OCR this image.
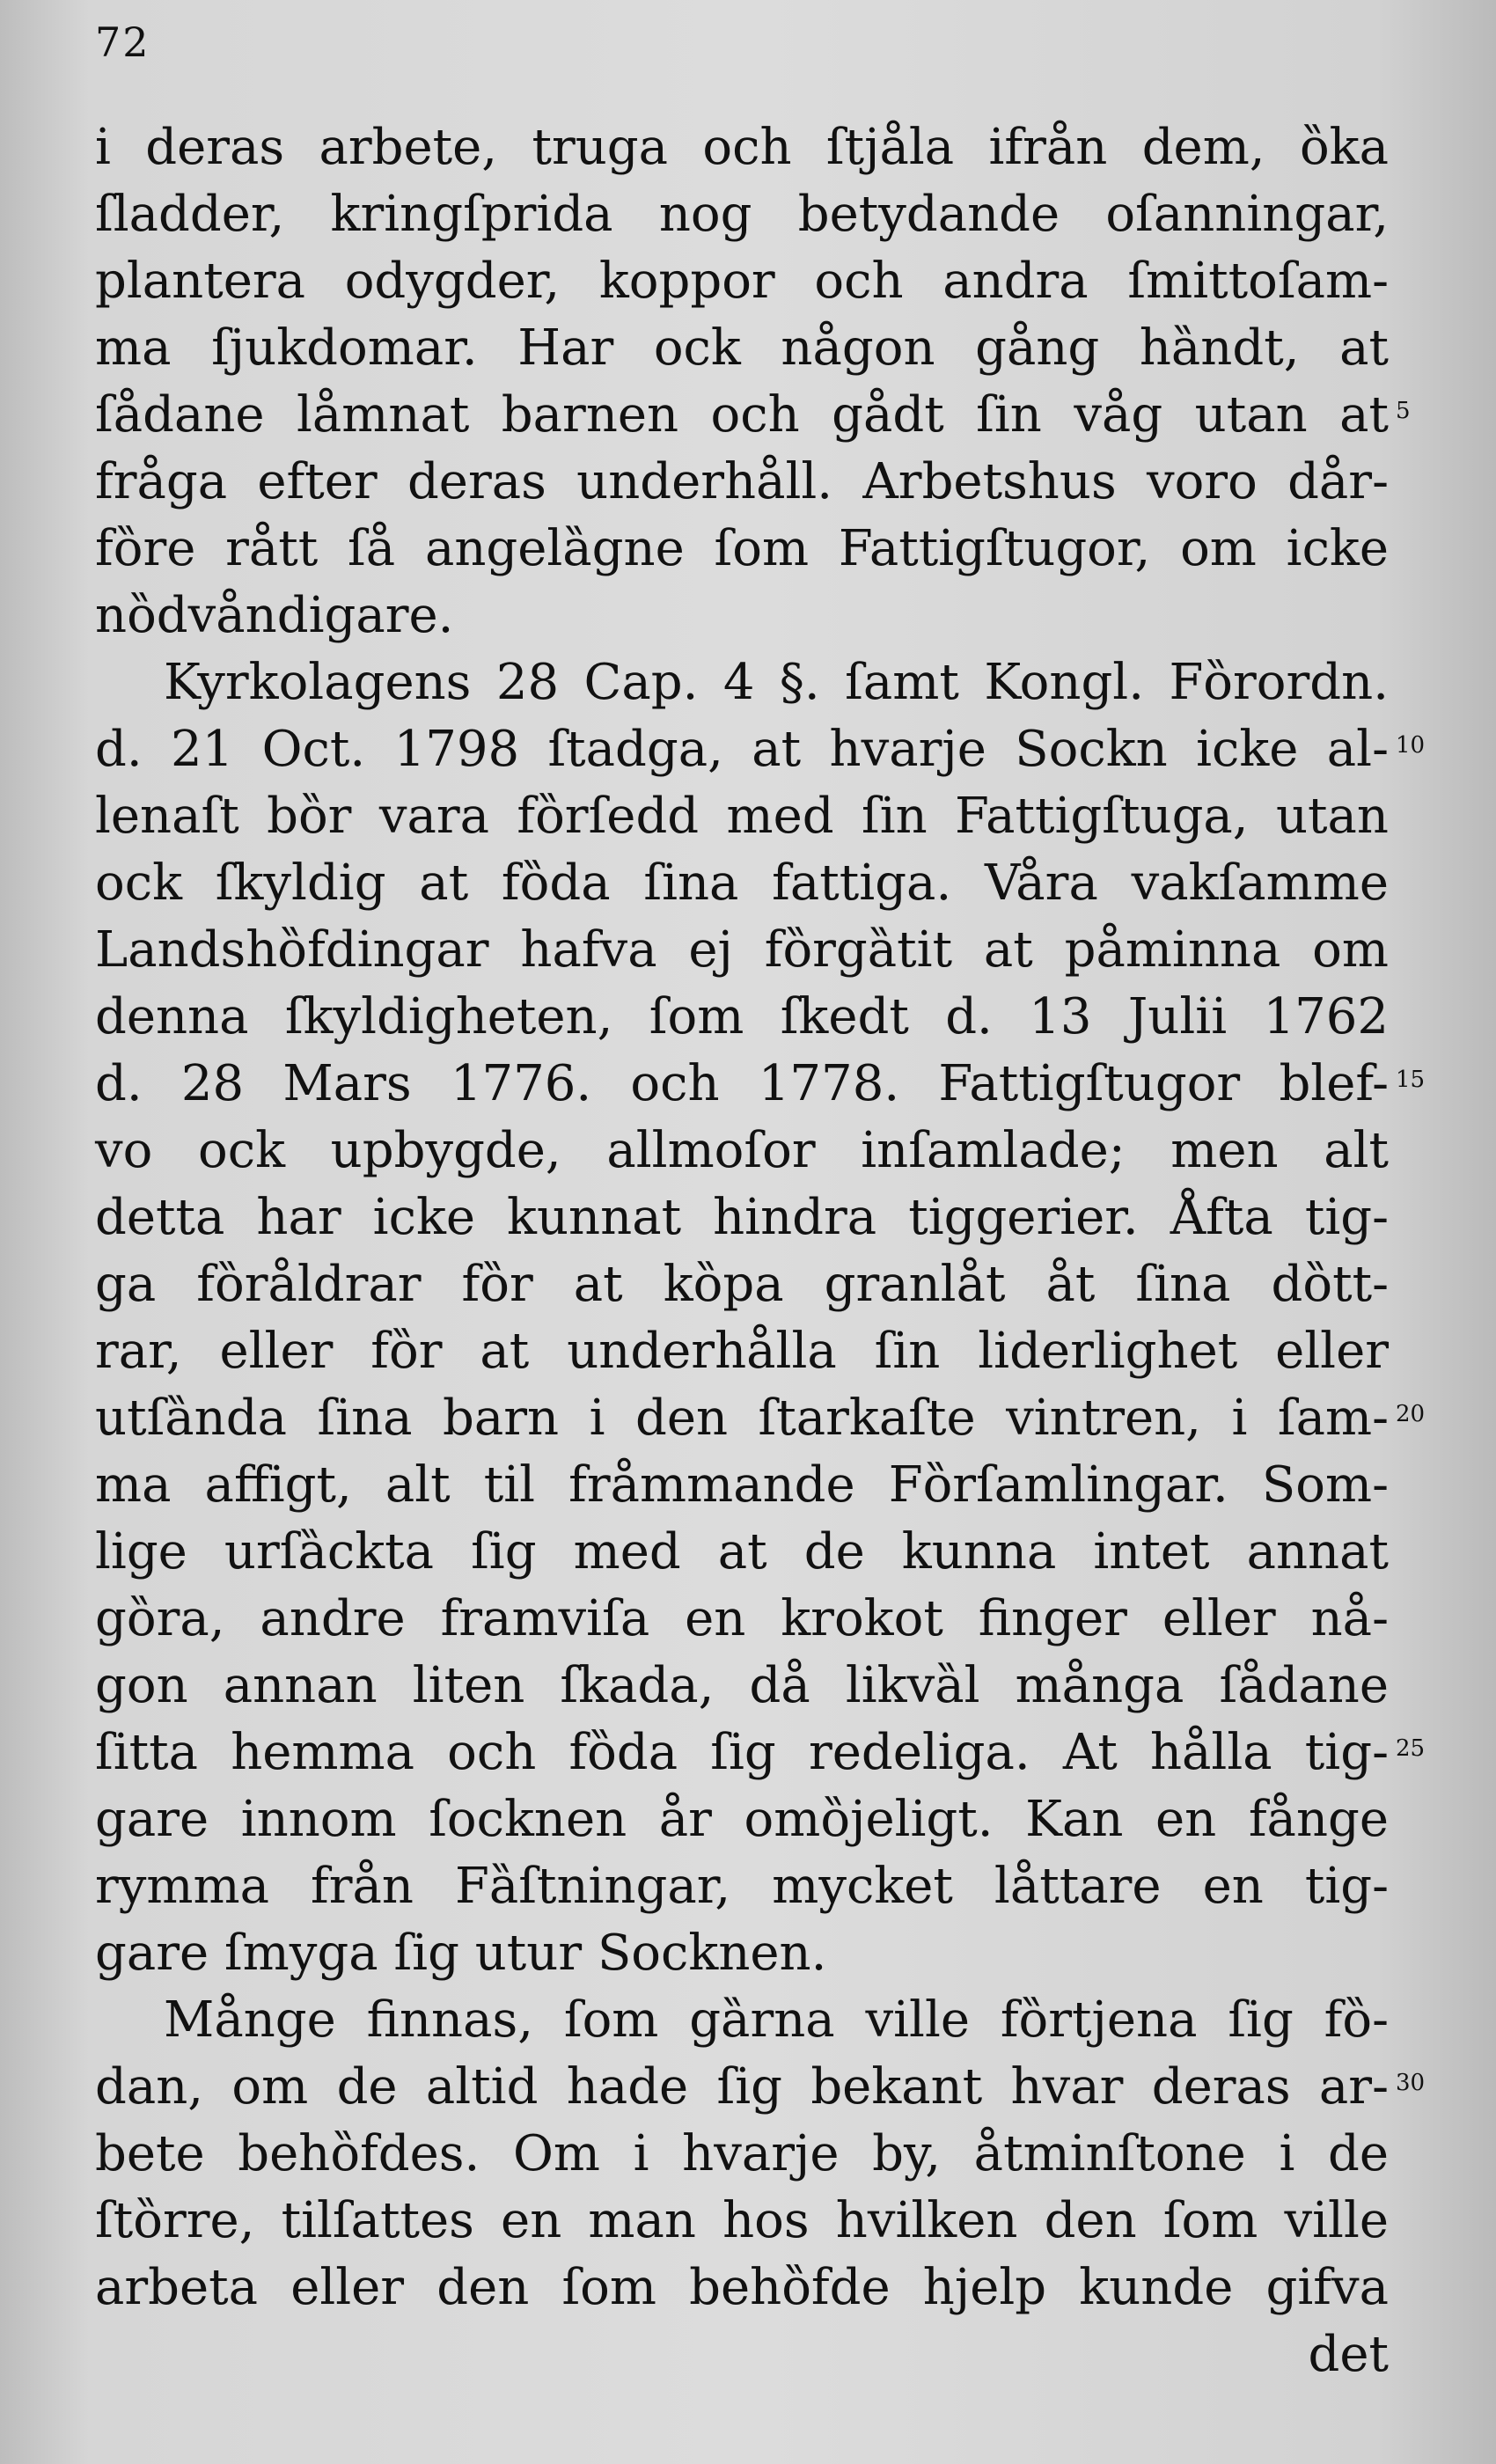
72
i deras arbete, truga och ſtjåla ifrån dem, ȍka
ſladder, kringſprida nog betydande oſanningar,
plantera odygder, koppor och andra ſmittoſam-
ma ſjukdomar. Har ock någon gång hȁndt, at
ſådane låmnat barnen och gådt ſin våg utan at
fråga efter deras underhåll. Arbetshus voro dår-
fȍre rått ſå angelȁgne ſom Fattigſtugor, om icke
nȍdvåndigare.
Kyrkolagens 28 Cap. 4 §. ſamt Kongl. Fȍrordn.
d. 21 Oct. 1798 ſtadga, at hvarje Sockn icke al-
lenaſt bȍr vara fȍrſedd med ſin Fattigſtuga, utan
ock ſkyldig at fȍda ſina fattiga. Våra vakſamme
Landshȍfdingar hafva ej fȍrgȁtit at påminna om
denna ſkyldigheten, ſom ſkedt d. 13 Julii 1762
d. 28 Mars 1776. och 1778. Fattigſtugor blef-
vo ock upbygde, allmoſor inſamlade; men alt
detta har icke kunnat hindra tiggerier. Åfta tig-
ga fȍråldrar fȍr at kȍpa granlåt åt ſina dȍtt-
rar, eller fȍr at underhålla ſin liderlighet eller
utſȁnda ſina barn i den ſtarkaſte vintren, i ſam-
ma affigt, alt til fråmmande Fȍrſamlingar. Som-
lige urſȁckta ſig med at de kunna intet annat
gȍra, andre framviſa en krokot finger eller nå-
gon annan liten ſkada, då likvȁl många ſådane
ſitta hemma och fȍda ſig redeliga. At hålla tig-
gare innom ſocknen år omȍjeligt. Kan en fånge
rymma från Fȁſtningar, mycket låttare en tig-
gare ſmyga ſig utur Socknen.
Månge finnas, ſom gȁrna ville fȍrtjena ſig fȍ-
dan, om de altid hade ſig bekant hvar deras ar-
bete behȍfdes. Om i hvarje by, åtminſtone i de
ſtȍrre, tilſattes en man hos hvilken den ſom ville
arbeta eller den ſom behȍfde hjelp kunde gifva
det
5
10
15
20
25
30
